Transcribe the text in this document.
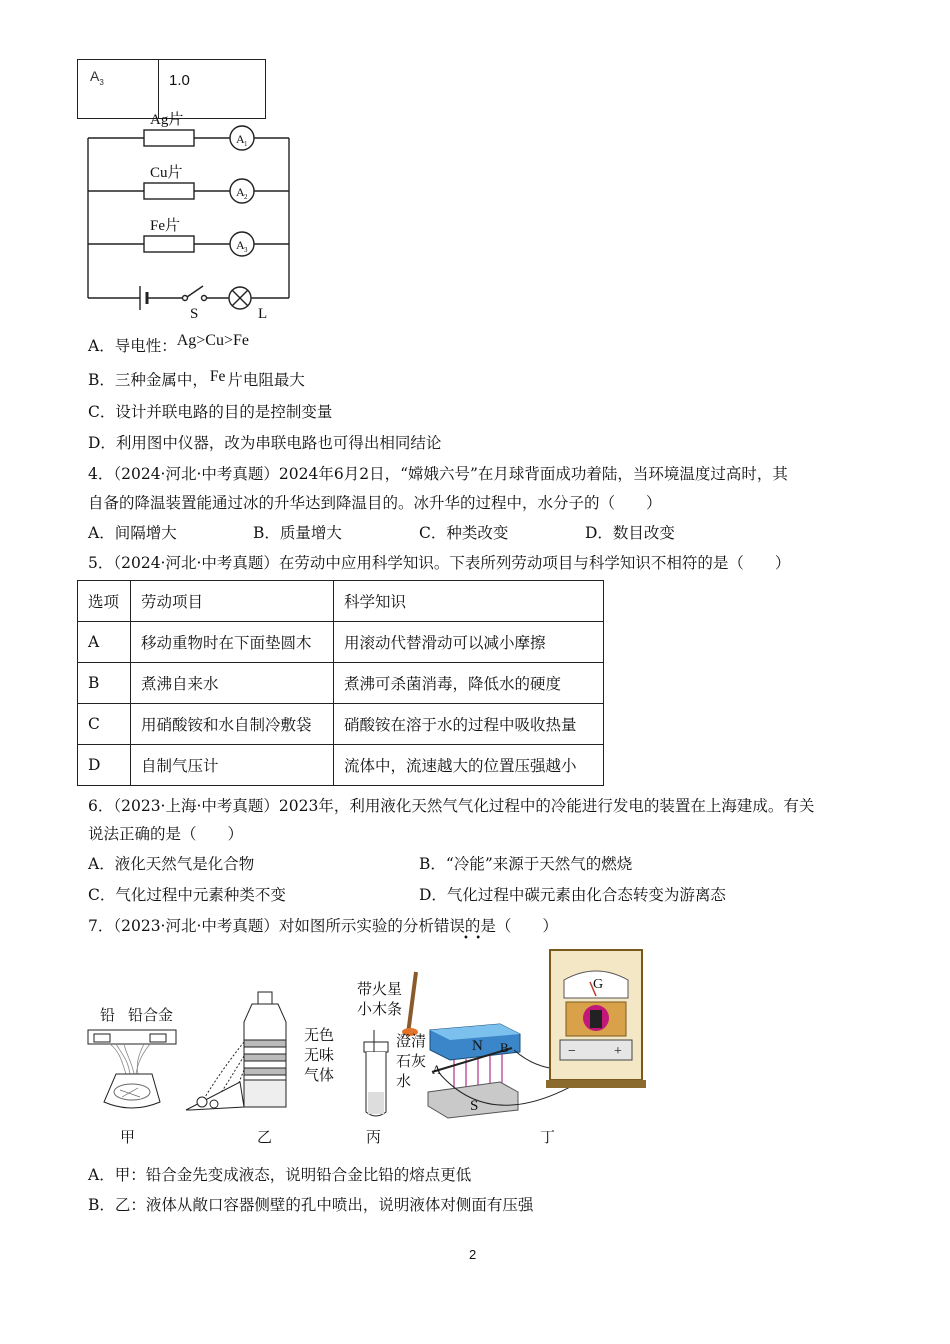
$A_3$	1.0
Ag片
Cu片
Fe片
A 1
A 2
A 3
S	L
A．导电性：Ag>Cu>Fe
B．三种金属中， Fe 片电阻最大
C．设计并联电路的目的是控制变量
D．利用图中仪器，改为串联电路也可得出相同结论
4．（2024·河北·中考真题）2024年6月2日，“嫦娥六号”在月球背面成功着陆，当环境温度过高时，其
自备的降温装置能通过冰的升华达到降温目的。冰升华的过程中，水分子的（　　）
A．间隔增大	B．质量增大	C．种类改变	D．数目改变
5．（2024·河北·中考真题）在劳动中应用科学知识。下表所列劳动项目与科学知识不相符的是（　　）
选项	劳动项目	科学知识
A	移动重物时在下面垫圆木	用滚动代替滑动可以减小摩擦
B	煮沸自来水	煮沸可杀菌消毒，降低水的硬度
C	用硝酸铵和水自制冷敷袋	硝酸铵在溶于水的过程中吸收热量
D	自制气压计	流体中，流速越大的位置压强越小
6．（2023·上海·中考真题）2023年，利用液化天然气气化过程中的冷能进行发电的装置在上海建成。有关
说法正确的是（　　）
A．液化天然气是化合物	B．“冷能”来源于天然气的燃烧
C．气化过程中元素种类不变	D．气化过程中碳元素由化合态转变为游离态
7．（2023·河北·中考真题）对如图所示实验的分析错误的是（　　）
•  •
铅 铅合金
甲	乙
带火星
小木条
无色
无味
气体
澄清
石灰
水
丙
N
A
B
S
G
−	+
丁
A．甲：铅合金先变成液态，说明铅合金比铅的熔点更低
B．乙：液体从敞口容器侧壁的孔中喷出，说明液体对侧面有压强
2
